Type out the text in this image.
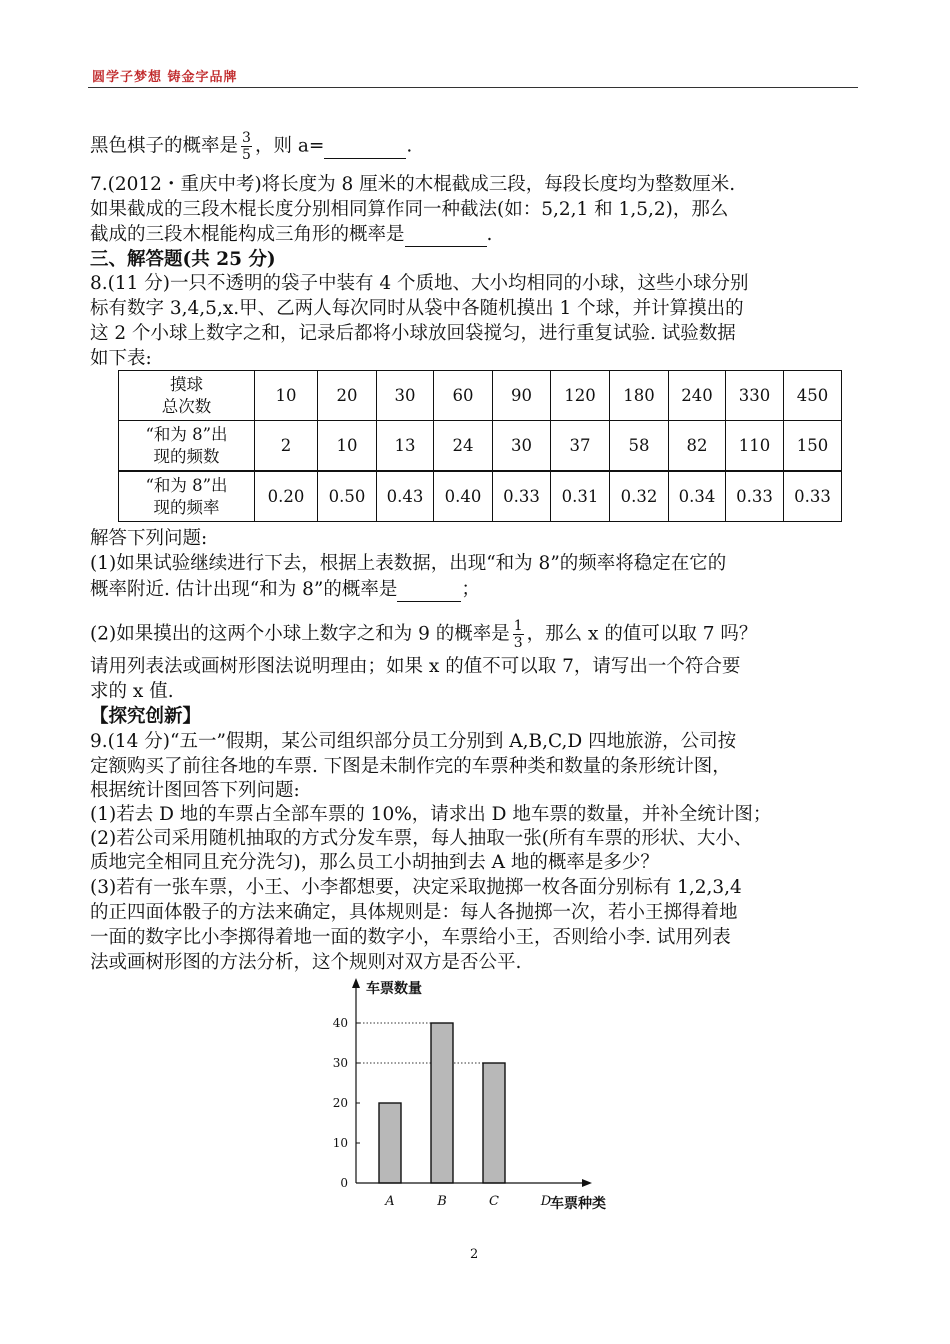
圆学子梦想 铸金字品牌
黑色棋子的概率是 $\frac{3}{5}$ ，则 a=	.
7.(2012・重庆中考)将长度为 8 厘米的木棍截成三段，每段长度均为整数厘米.
如果截成的三段木棍长度分别相同算作同一种截法(如：5,2,1 和 1,5,2)，那么
截成的三段木棍能构成三角形的概率是	.
三、解答题(共 25 分)
8.(11 分)一只不透明的袋子中装有 4 个质地、大小均相同的小球，这些小球分别
标有数字 3,4,5,x.甲、乙两人每次同时从袋中各随机摸出 1 个球，并计算摸出的
这 2 个小球上数字之和，记录后都将小球放回袋搅匀，进行重复试验. 试验数据
如下表:
摸球
总次数	10	20	30	60	90	120	180	240	330	450

“和为 8”出
现的频数	2	10	13	24	30	37	58	82	110	150

“和为 8”出
现的频率	0.20	0.50	0.43	0.40	0.33	0.31	0.32	0.34	0.33	0.33
解答下列问题:
(1)如果试验继续进行下去，根据上表数据，出现“和为 8”的频率将稳定在它的
概率附近. 估计出现“和为 8”的概率是	；
(2)如果摸出的这两个小球上数字之和为 9 的概率是 $\frac{1}{3}$ ，那么 x 的值可以取 7 吗？
请用列表法或画树形图法说明理由；如果 x 的值不可以取 7，请写出一个符合要
求的 x 值.
【探究创新】
9.(14 分)“五一”假期，某公司组织部分员工分别到 A,B,C,D 四地旅游，公司按
定额购买了前往各地的车票. 下图是未制作完的车票种类和数量的条形统计图，
根据统计图回答下列问题:
(1)若去 D 地的车票占全部车票的 10%，请求出 D 地车票的数量，并补全统计图；
(2)若公司采用随机抽取的方式分发车票，每人抽取一张(所有车票的形状、大小、
质地完全相同且充分洗匀)，那么员工小胡抽到去 A 地的概率是多少？
(3)若有一张车票，小王、小李都想要，决定采取抛掷一枚各面分别标有 1,2,3,4
的正四面体骰子的方法来确定，具体规则是：每人各抛掷一次，若小王掷得着地
一面的数字比小李掷得着地一面的数字小，车票给小王，否则给小李. 试用列表
法或画树形图的方法分析，这个规则对双方是否公平.
0
10
20
30
40
A	B	C	D
车票数量
车票种类
2
